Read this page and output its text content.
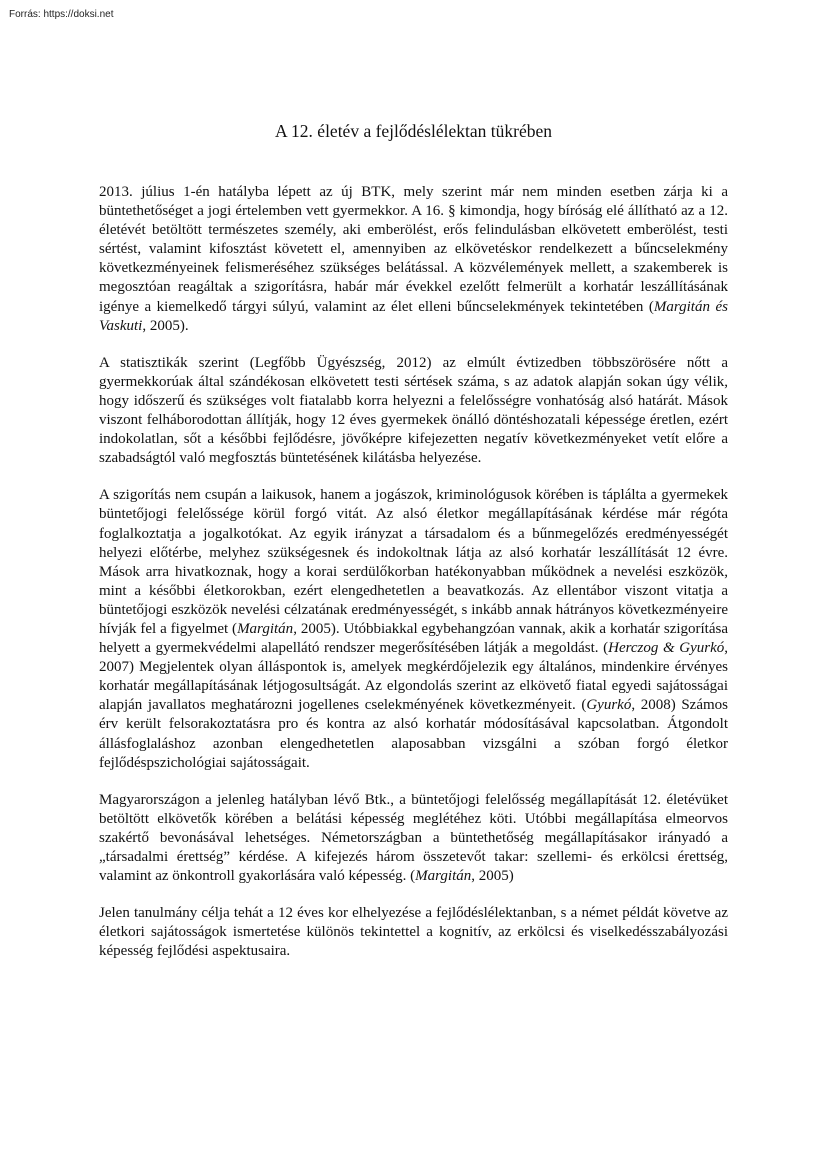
Forrás: https://doksi.net
A 12. életév a fejlődéslélektan tükrében

2013. július 1-én hatályba lépett az új BTK, mely szerint már nem minden esetben zárja ki a büntethetőséget a jogi értelemben vett gyermekkor. A 16. § kimondja, hogy bíróság elé állítható az a 12. életévét betöltött természetes személy, aki emberölést, erős felindulásban elkövetett emberölést, testi sértést, valamint kifosztást követett el, amennyiben az elkövetéskor rendelkezett a bűncselekmény következményeinek felismeréséhez szükséges belátással. A közvélemények mellett, a szakemberek is megosztóan reagáltak a szigorításra, habár már évekkel ezelőtt felmerült a korhatár leszállításának igénye a kiemelkedő tárgyi súlyú, valamint az élet elleni bűncselekmények tekintetében (Margitán és Vaskuti, 2005).

A statisztikák szerint (Legfőbb Ügyészség, 2012) az elmúlt évtizedben többszörösére nőtt a gyermekkorúak által szándékosan elkövetett testi sértések száma, s az adatok alapján sokan úgy vélik, hogy időszerű és szükséges volt fiatalabb korra helyezni a felelősségre vonhatóság alsó határát. Mások viszont felháborodottan állítják, hogy 12 éves gyermekek önálló döntéshozatali képessége éretlen, ezért indokolatlan, sőt a későbbi fejlődésre, jövőképre kifejezetten negatív következményeket vetít előre a szabadságtól való megfosztás büntetésének kilátásba helyezése.

A szigorítás nem csupán a laikusok, hanem a jogászok, kriminológusok körében is táplálta a gyermekek büntetőjogi felelőssége körül forgó vitát. Az alsó életkor megállapításának kérdése már régóta foglalkoztatja a jogalkotókat. Az egyik irányzat a társadalom és a bűnmegelőzés eredményességét helyezi előtérbe, melyhez szükségesnek és indokoltnak látja az alsó korhatár leszállítását 12 évre. Mások arra hivatkoznak, hogy a korai serdülőkorban hatékonyabban működnek a nevelési eszközök, mint a későbbi életkorokban, ezért elengedhetetlen a beavatkozás. Az ellentábor viszont vitatja a büntetőjogi eszközök nevelési célzatának eredményességét, s inkább annak hátrányos következményeire hívják fel a figyelmet (Margitán, 2005). Utóbbiakkal egybehangzóan vannak, akik a korhatár szigorítása helyett a gyermekvédelmi alapellátó rendszer megerősítésében látják a megoldást. (Herczog & Gyurkó, 2007) Megjelentek olyan álláspontok is, amelyek megkérdőjelezik egy általános, mindenkire érvényes korhatár megállapításának létjogosultságát. Az elgondolás szerint az elkövető fiatal egyedi sajátosságai alapján javallatos meghatározni jogellenes cselekményének következményeit. (Gyurkó, 2008) Számos érv került felsorakoztatásra pro és kontra az alsó korhatár módosításával kapcsolatban. Átgondolt állásfoglaláshoz azonban elengedhetetlen alaposabban vizsgálni a szóban forgó életkor fejlődéspszichológiai sajátosságait.

Magyarországon a jelenleg hatályban lévő Btk., a büntetőjogi felelősség megállapítását 12. életévüket betöltött elkövetők körében a belátási képesség meglétéhez köti. Utóbbi megállapítása elmeorvos szakértő bevonásával lehetséges. Németországban a büntethetőség megállapításakor irányadó a „társadalmi érettség” kérdése. A kifejezés három összetevőt takar: szellemi- és erkölcsi érettség, valamint az önkontroll gyakorlására való képesség. (Margitán, 2005)

Jelen tanulmány célja tehát a 12 éves kor elhelyezése a fejlődéslélektanban, s a német példát követve az életkori sajátosságok ismertetése különös tekintettel a kognitív, az erkölcsi és viselkedésszabályozási képesség fejlődési aspektusaira.
